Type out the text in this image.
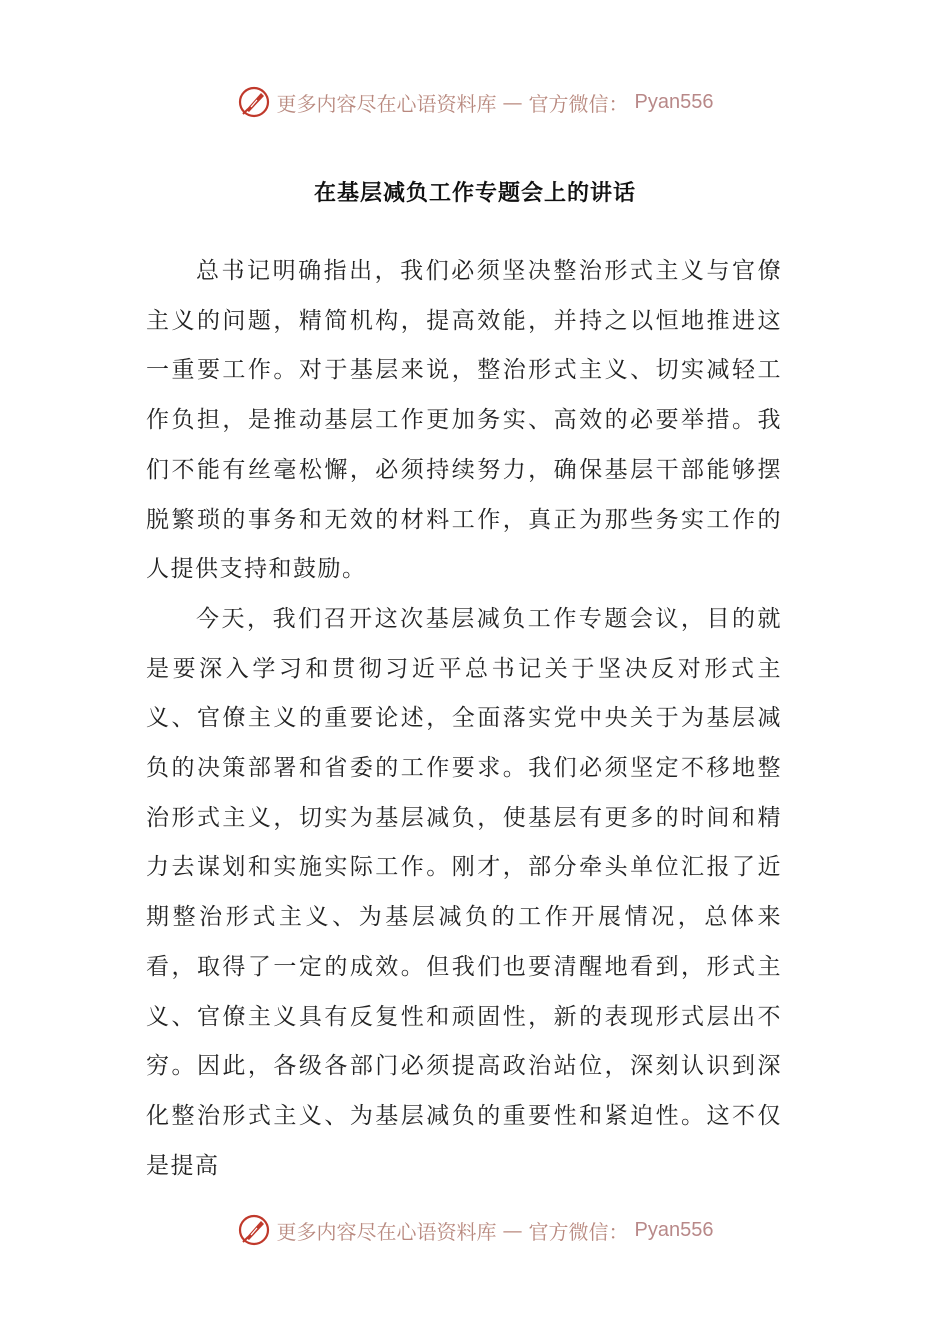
更多内容尽在心语资料库 — 官方微信： Pyan556
在基层减负工作专题会上的讲话

总书记明确指出，我们必须坚决整治形式主义与官僚主义的问题，精简机构，提高效能，并持之以恒地推进这一重要工作。对于基层来说，整治形式主义、切实减轻工作负担，是推动基层工作更加务实、高效的必要举措。我们不能有丝毫松懈，必须持续努力，确保基层干部能够摆脱繁琐的事务和无效的材料工作，真正为那些务实工作的人提供支持和鼓励。

今天，我们召开这次基层减负工作专题会议，目的就是要深入学习和贯彻习近平总书记关于坚决反对形式主义、官僚主义的重要论述，全面落实党中央关于为基层减负的决策部署和省委的工作要求。我们必须坚定不移地整治形式主义，切实为基层减负，使基层有更多的时间和精力去谋划和实施实际工作。刚才，部分牵头单位汇报了近期整治形式主义、为基层减负的工作开展情况，总体来看，取得了一定的成效。但我们也要清醒地看到，形式主义、官僚主义具有反复性和顽固性，新的表现形式层出不穷。因此，各级各部门必须提高政治站位，深刻认识到深化整治形式主义、为基层减负的重要性和紧迫性。这不仅是提高

更多内容尽在心语资料库 — 官方微信： Pyan556
